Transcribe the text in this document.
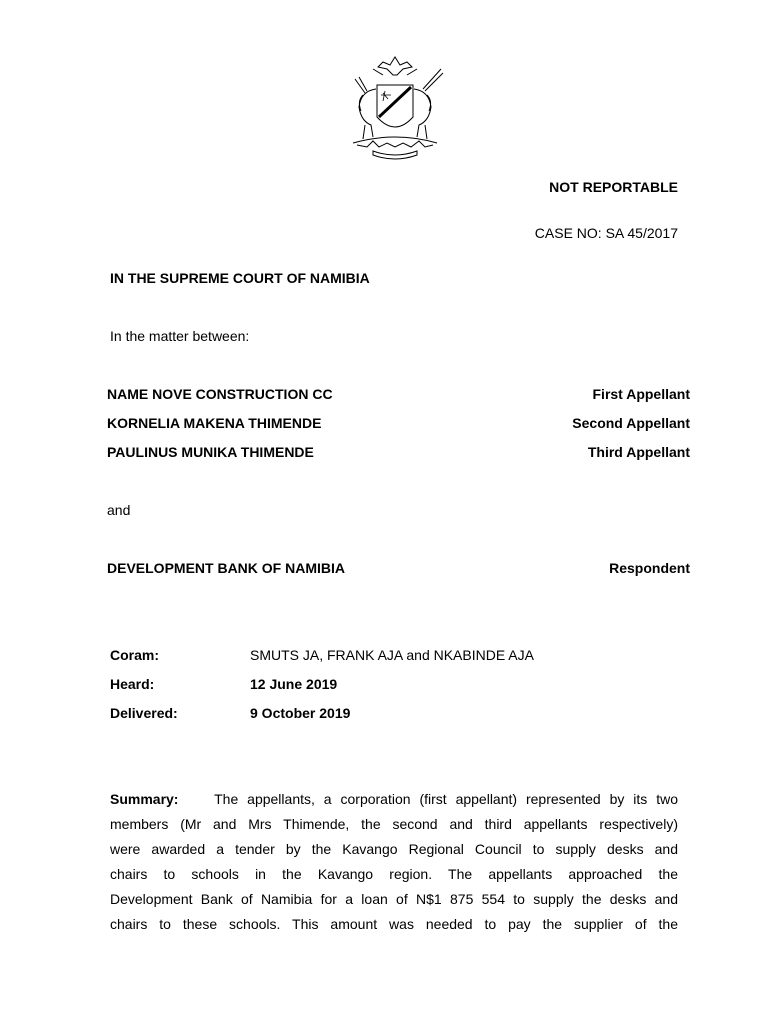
NOT REPORTABLE
CASE NO: SA 45/2017
IN THE SUPREME COURT OF NAMIBIA
In the matter between:
NAME NOVE CONSTRUCTION CC	First Appellant
KORNELIA MAKENA THIMENDE	Second Appellant
PAULINUS MUNIKA THIMENDE	Third Appellant
and
DEVELOPMENT BANK OF NAMIBIA	Respondent
Coram:	SMUTS JA, FRANK AJA and NKABINDE AJA
Heard:	12 June 2019
Delivered:	9 October 2019
Summary:	The appellants, a corporation (first appellant) represented by its two
members (Mr and Mrs Thimende, the second and third appellants respectively)
were awarded a tender by the Kavango Regional Council to supply desks and
chairs to schools in the Kavango region. The appellants approached the
Development Bank of Namibia for a loan of N$1 875 554 to supply the desks and
chairs to these schools. This amount was needed to pay the supplier of the
